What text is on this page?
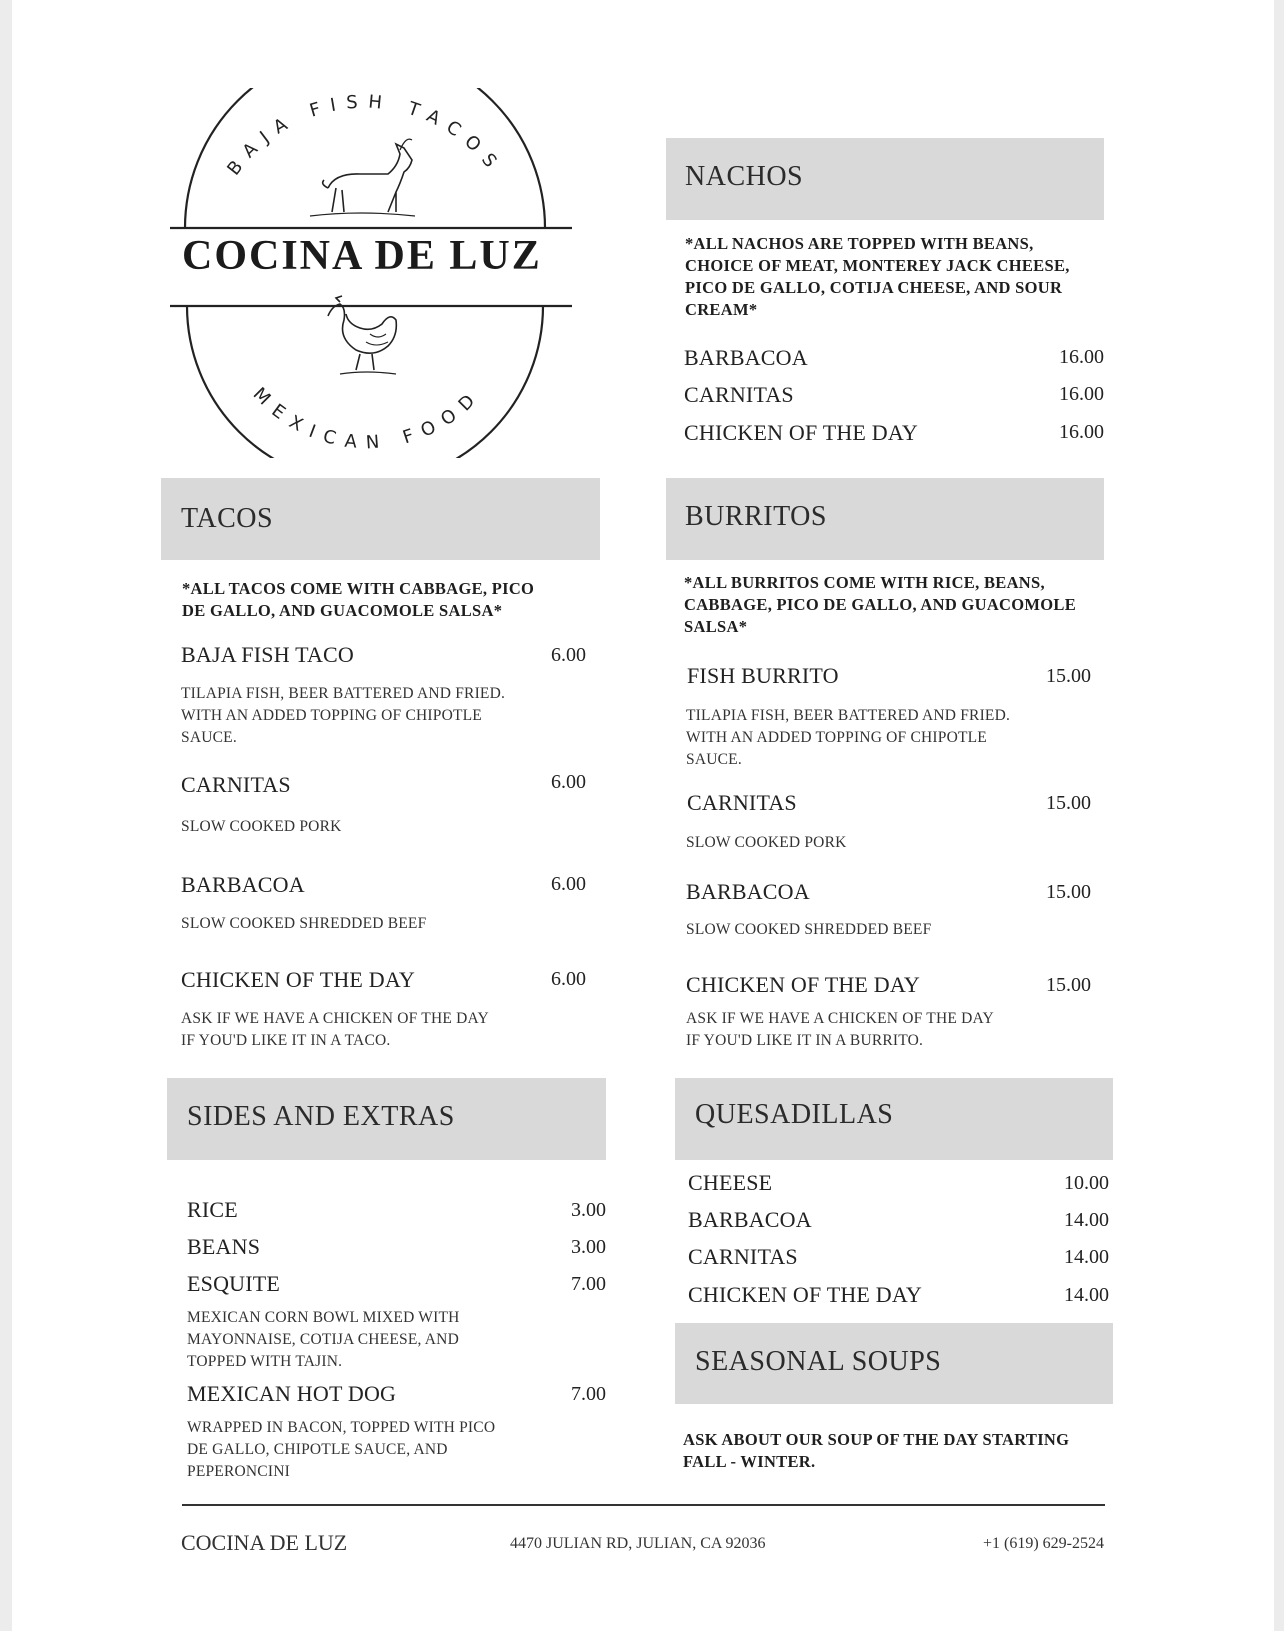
BAJA FISH TACOS
MEXICAN FOOD
COCINA DE LUZ
NACHOS
*ALL NACHOS ARE TOPPED WITH BEANS,
CHOICE OF MEAT, MONTEREY JACK CHEESE,
PICO DE GALLO, COTIJA CHEESE, AND SOUR
CREAM*
BARBACOA	16.00
CARNITAS	16.00
CHICKEN OF THE DAY	16.00
TACOS
*ALL TACOS COME WITH CABBAGE, PICO
DE GALLO, AND GUACOMOLE SALSA*
BAJA FISH TACO	6.00
TILAPIA FISH, BEER BATTERED AND FRIED.
WITH AN ADDED TOPPING OF CHIPOTLE
SAUCE.
CARNITAS	6.00
SLOW COOKED PORK
BARBACOA	6.00
SLOW COOKED SHREDDED BEEF
CHICKEN OF THE DAY	6.00
ASK IF WE HAVE A CHICKEN OF THE DAY
IF YOU'D LIKE IT IN A TACO.
BURRITOS
*ALL BURRITOS COME WITH RICE, BEANS,
CABBAGE, PICO DE GALLO, AND GUACOMOLE
SALSA*
FISH BURRITO	15.00
TILAPIA FISH, BEER BATTERED AND FRIED.
WITH AN ADDED TOPPING OF CHIPOTLE
SAUCE.
CARNITAS	15.00
SLOW COOKED PORK
BARBACOA	15.00
SLOW COOKED SHREDDED BEEF
CHICKEN OF THE DAY	15.00
ASK IF WE HAVE A CHICKEN OF THE DAY
IF YOU'D LIKE IT IN A BURRITO.
SIDES AND EXTRAS
RICE	3.00
BEANS	3.00
ESQUITE	7.00
MEXICAN CORN BOWL MIXED WITH
MAYONNAISE, COTIJA CHEESE, AND
TOPPED WITH TAJIN.
MEXICAN HOT DOG	7.00
WRAPPED IN BACON, TOPPED WITH PICO
DE GALLO, CHIPOTLE SAUCE, AND
PEPERONCINI
QUESADILLAS
CHEESE	10.00
BARBACOA	14.00
CARNITAS	14.00
CHICKEN OF THE DAY	14.00
SEASONAL SOUPS
ASK ABOUT OUR SOUP OF THE DAY STARTING
FALL - WINTER.
COCINA DE LUZ	4470 JULIAN RD, JULIAN, CA 92036	+1 (619) 629-2524
